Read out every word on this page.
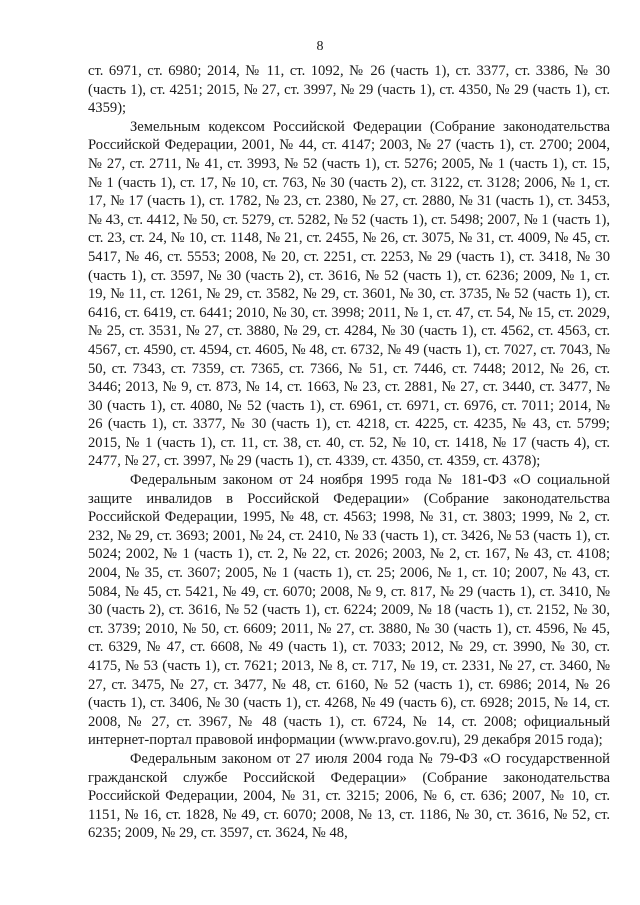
8

ст. 6971, ст. 6980; 2014, № 11, ст. 1092, № 26 (часть 1), ст. 3377, ст. 3386, № 30 (часть 1), ст. 4251; 2015, № 27, ст. 3997, № 29 (часть 1), ст. 4350, № 29 (часть 1), ст. 4359);

Земельным кодексом Российской Федерации (Собрание законодательства Российской Федерации, 2001, № 44, ст. 4147; 2003, № 27 (часть 1), ст. 2700; 2004, № 27, ст. 2711, № 41, ст. 3993, № 52 (часть 1), ст. 5276; 2005, № 1 (часть 1), ст. 15, № 1 (часть 1), ст. 17, № 10, ст. 763, № 30 (часть 2), ст. 3122, ст. 3128; 2006, № 1, ст. 17, № 17 (часть 1), ст. 1782, № 23, ст. 2380, № 27, ст. 2880, № 31 (часть 1), ст. 3453, № 43, ст. 4412, № 50, ст. 5279, ст. 5282, № 52 (часть 1), ст. 5498; 2007, № 1 (часть 1), ст. 23, ст. 24, № 10, ст. 1148, № 21, ст. 2455, № 26, ст. 3075, № 31, ст. 4009, № 45, ст. 5417, № 46, ст. 5553; 2008, № 20, ст. 2251, ст. 2253, № 29 (часть 1), ст. 3418, № 30 (часть 1), ст. 3597, № 30 (часть 2), ст. 3616, № 52 (часть 1), ст. 6236; 2009, № 1, ст. 19, № 11, ст. 1261, № 29, ст. 3582, № 29, ст. 3601, № 30, ст. 3735, № 52 (часть 1), ст. 6416, ст. 6419, ст. 6441; 2010, № 30, ст. 3998; 2011, № 1, ст. 47, ст. 54, № 15, ст. 2029, № 25, ст. 3531, № 27, ст. 3880, № 29, ст. 4284, № 30 (часть 1), ст. 4562, ст. 4563, ст. 4567, ст. 4590, ст. 4594, ст. 4605, № 48, ст. 6732, № 49 (часть 1), ст. 7027, ст. 7043, № 50, ст. 7343, ст. 7359, ст. 7365, ст. 7366, № 51, ст. 7446, ст. 7448; 2012, № 26, ст. 3446; 2013, № 9, ст. 873, № 14, ст. 1663, № 23, ст. 2881, № 27, ст. 3440, ст. 3477, № 30 (часть 1), ст. 4080, № 52 (часть 1), ст. 6961, ст. 6971, ст. 6976, ст. 7011; 2014, № 26 (часть 1), ст. 3377, № 30 (часть 1), ст. 4218, ст. 4225, ст. 4235, № 43, ст. 5799; 2015, № 1 (часть 1), ст. 11, ст. 38, ст. 40, ст. 52, № 10, ст. 1418, № 17 (часть 4), ст. 2477, № 27, ст. 3997, № 29 (часть 1), ст. 4339, ст. 4350, ст. 4359, ст. 4378);

Федеральным законом от 24 ноября 1995 года № 181-ФЗ «О социальной защите инвалидов в Российской Федерации» (Собрание законодательства Российской Федерации, 1995, № 48, ст. 4563; 1998, № 31, ст. 3803; 1999, № 2, ст. 232, № 29, ст. 3693; 2001, № 24, ст. 2410, № 33 (часть 1), ст. 3426, № 53 (часть 1), ст. 5024; 2002, № 1 (часть 1), ст. 2, № 22, ст. 2026; 2003, № 2, ст. 167, № 43, ст. 4108; 2004, № 35, ст. 3607; 2005, № 1 (часть 1), ст. 25; 2006, № 1, ст. 10; 2007, № 43, ст. 5084, № 45, ст. 5421, № 49, ст. 6070; 2008, № 9, ст. 817, № 29 (часть 1), ст. 3410, № 30 (часть 2), ст. 3616, № 52 (часть 1), ст. 6224; 2009, № 18 (часть 1), ст. 2152, № 30, ст. 3739; 2010, № 50, ст. 6609; 2011, № 27, ст. 3880, № 30 (часть 1), ст. 4596, № 45, ст. 6329, № 47, ст. 6608, № 49 (часть 1), ст. 7033; 2012, № 29, ст. 3990, № 30, ст. 4175, № 53 (часть 1), ст. 7621; 2013, № 8, ст. 717, № 19, ст. 2331, № 27, ст. 3460, № 27, ст. 3475, № 27, ст. 3477, № 48, ст. 6160, № 52 (часть 1), ст. 6986; 2014, № 26 (часть 1), ст. 3406, № 30 (часть 1), ст. 4268, № 49 (часть 6), ст. 6928; 2015, № 14, ст. 2008, № 27, ст. 3967, № 48 (часть 1), ст. 6724, № 14, ст. 2008; официальный интернет-портал правовой информации (www.pravo.gov.ru), 29 декабря 2015 года);

Федеральным законом от 27 июля 2004 года № 79-ФЗ «О государственной гражданской службе Российской Федерации» (Собрание законодательства Российской Федерации, 2004, № 31, ст. 3215; 2006, № 6, ст. 636; 2007, № 10, ст. 1151, № 16, ст. 1828, № 49, ст. 6070; 2008, № 13, ст. 1186, № 30, ст. 3616, № 52, ст. 6235; 2009, № 29, ст. 3597, ст. 3624, № 48,
